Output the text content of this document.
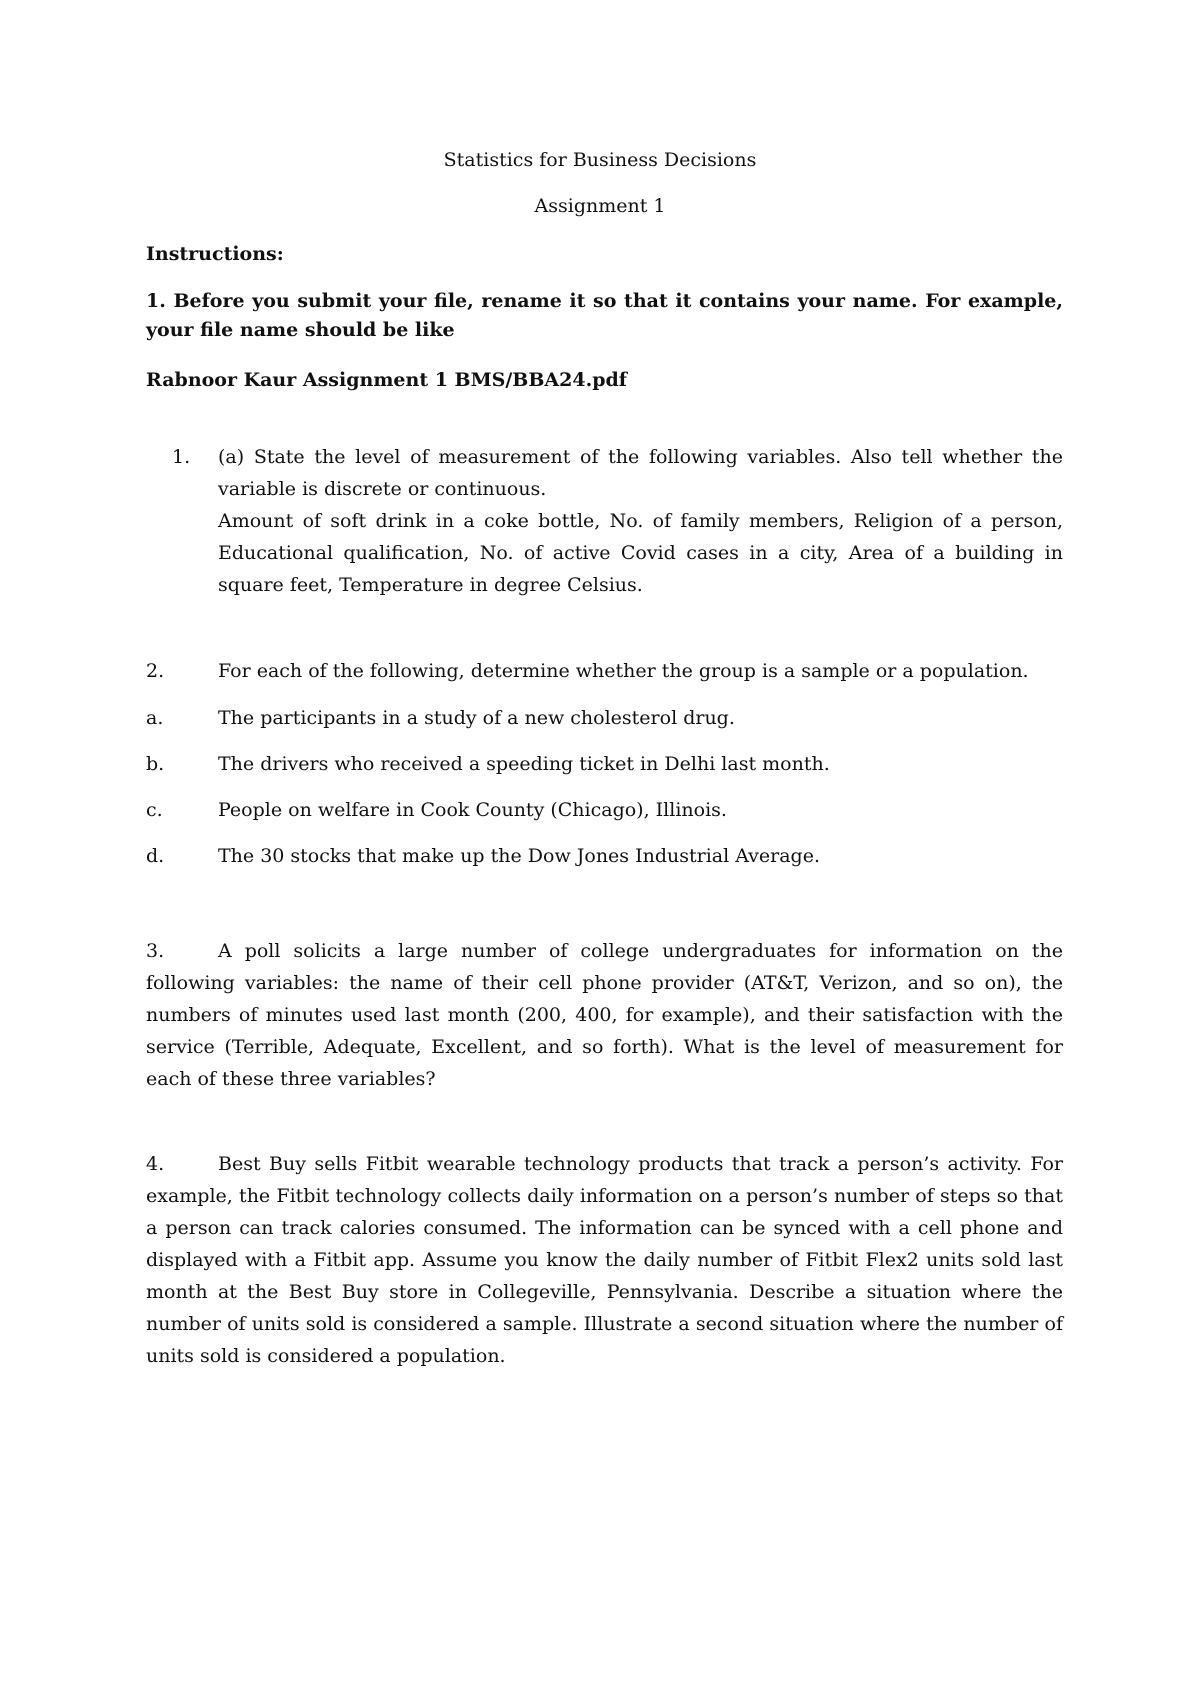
Statistics for Business Decisions

Assignment 1

Instructions:

1. Before you submit your file, rename it so that it contains your name. For example, your file name should be like

Rabnoor Kaur Assignment 1 BMS/BBA24.pdf

1. (a) State the level of measurement of the following variables. Also tell whether the variable is discrete or continuous.

Amount of soft drink in a coke bottle, No. of family members, Religion of a person, Educational qualification, No. of active Covid cases in a city, Area of a building in square feet, Temperature in degree Celsius.

2.	For each of the following, determine whether the group is a sample or a population.

a.	The participants in a study of a new cholesterol drug.

b.	The drivers who received a speeding ticket in Delhi last month.

c.	People on welfare in Cook County (Chicago), Illinois.

d.	The 30 stocks that make up the Dow Jones Industrial Average.

3.	A poll solicits a large number of college undergraduates for information on the following variables: the name of their cell phone provider (AT&T, Verizon, and so on), the numbers of minutes used last month (200, 400, for example), and their satisfaction with the service (Terrible, Adequate, Excellent, and so forth). What is the level of measurement for each of these three variables?

4.	Best Buy sells Fitbit wearable technology products that track a person’s activity. For example, the Fitbit technology collects daily information on a person’s number of steps so that a person can track calories consumed. The information can be synced with a cell phone and displayed with a Fitbit app. Assume you know the daily number of Fitbit Flex2 units sold last month at the Best Buy store in Collegeville, Pennsylvania. Describe a situation where the number of units sold is considered a sample. Illustrate a second situation where the number of units sold is considered a population.
